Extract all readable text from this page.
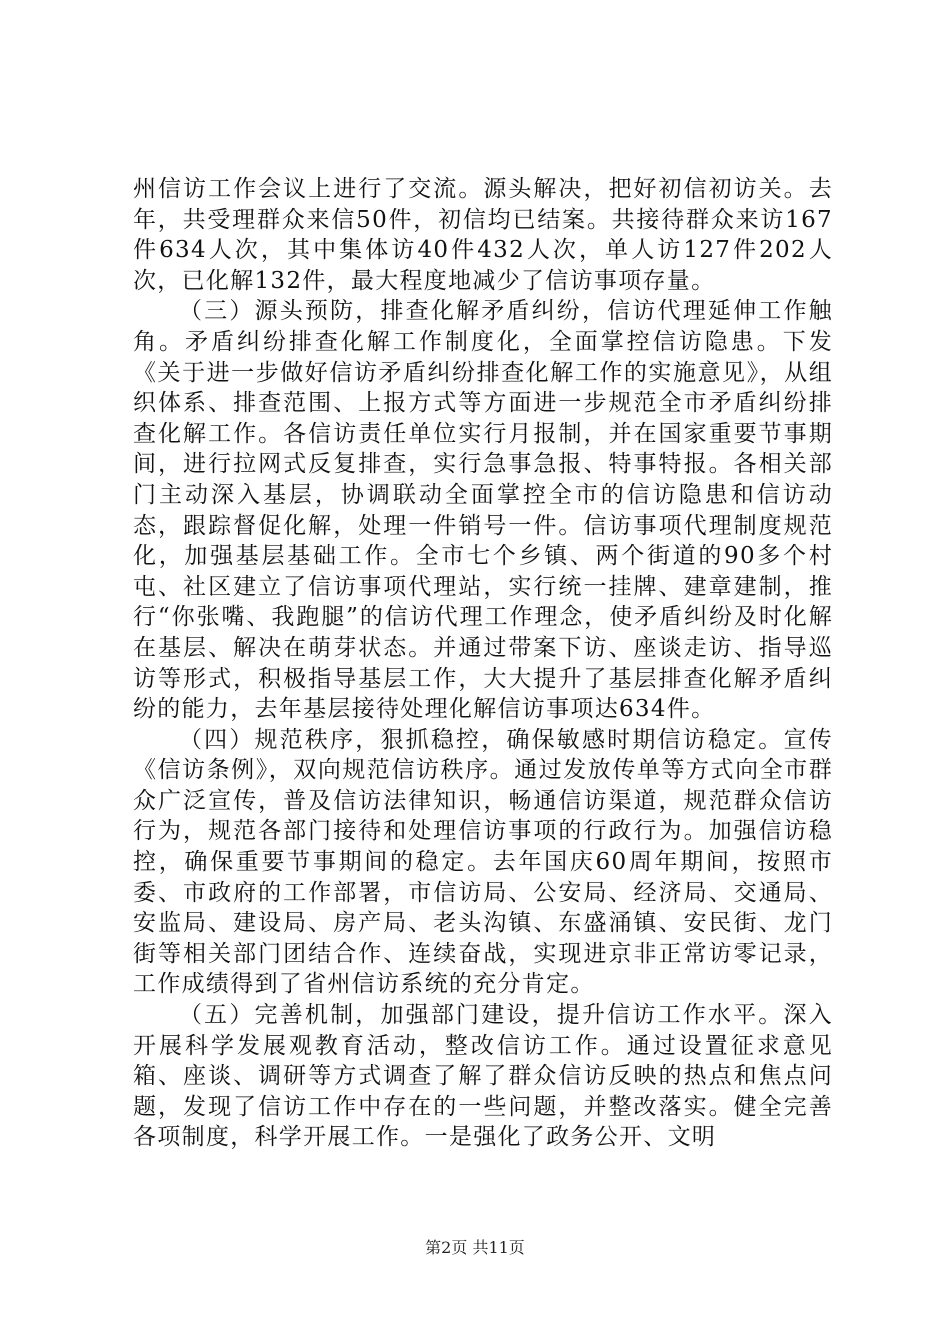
州信访工作会议上进行了交流。源头解决，把好初信初访关。去年，共受理群众来信50件，初信均已结案。共接待群众来访167件634人次，其中集体访40件432人次，单人访127件202人次，已化解132件，最大程度地减少了信访事项存量。

（三）源头预防，排查化解矛盾纠纷，信访代理延伸工作触角。矛盾纠纷排查化解工作制度化，全面掌控信访隐患。下发《关于进一步做好信访矛盾纠纷排查化解工作的实施意见》，从组织体系、排查范围、上报方式等方面进一步规范全市矛盾纠纷排查化解工作。各信访责任单位实行月报制，并在国家重要节事期间，进行拉网式反复排查，实行急事急报、特事特报。各相关部门主动深入基层，协调联动全面掌控全市的信访隐患和信访动态，跟踪督促化解，处理一件销号一件。信访事项代理制度规范化，加强基层基础工作。全市七个乡镇、两个街道的90多个村屯、社区建立了信访事项代理站，实行统一挂牌、建章建制，推行“你张嘴、我跑腿”的信访代理工作理念，使矛盾纠纷及时化解在基层、解决在萌芽状态。并通过带案下访、座谈走访、指导巡访等形式，积极指导基层工作，大大提升了基层排查化解矛盾纠纷的能力，去年基层接待处理化解信访事项达634件。

（四）规范秩序，狠抓稳控，确保敏感时期信访稳定。宣传《信访条例》，双向规范信访秩序。通过发放传单等方式向全市群众广泛宣传，普及信访法律知识，畅通信访渠道，规范群众信访行为，规范各部门接待和处理信访事项的行政行为。加强信访稳控，确保重要节事期间的稳定。去年国庆60周年期间，按照市委、市政府的工作部署，市信访局、公安局、经济局、交通局、安监局、建设局、房产局、老头沟镇、东盛涌镇、安民街、龙门街等相关部门团结合作、连续奋战，实现进京非正常访零记录，工作成绩得到了省州信访系统的充分肯定。

（五）完善机制，加强部门建设，提升信访工作水平。深入开展科学发展观教育活动，整改信访工作。通过设置征求意见箱、座谈、调研等方式调查了解了群众信访反映的热点和焦点问题，发现了信访工作中存在的一些问题，并整改落实。健全完善各项制度，科学开展工作。一是强化了政务公开、文明

第2页 共11页
